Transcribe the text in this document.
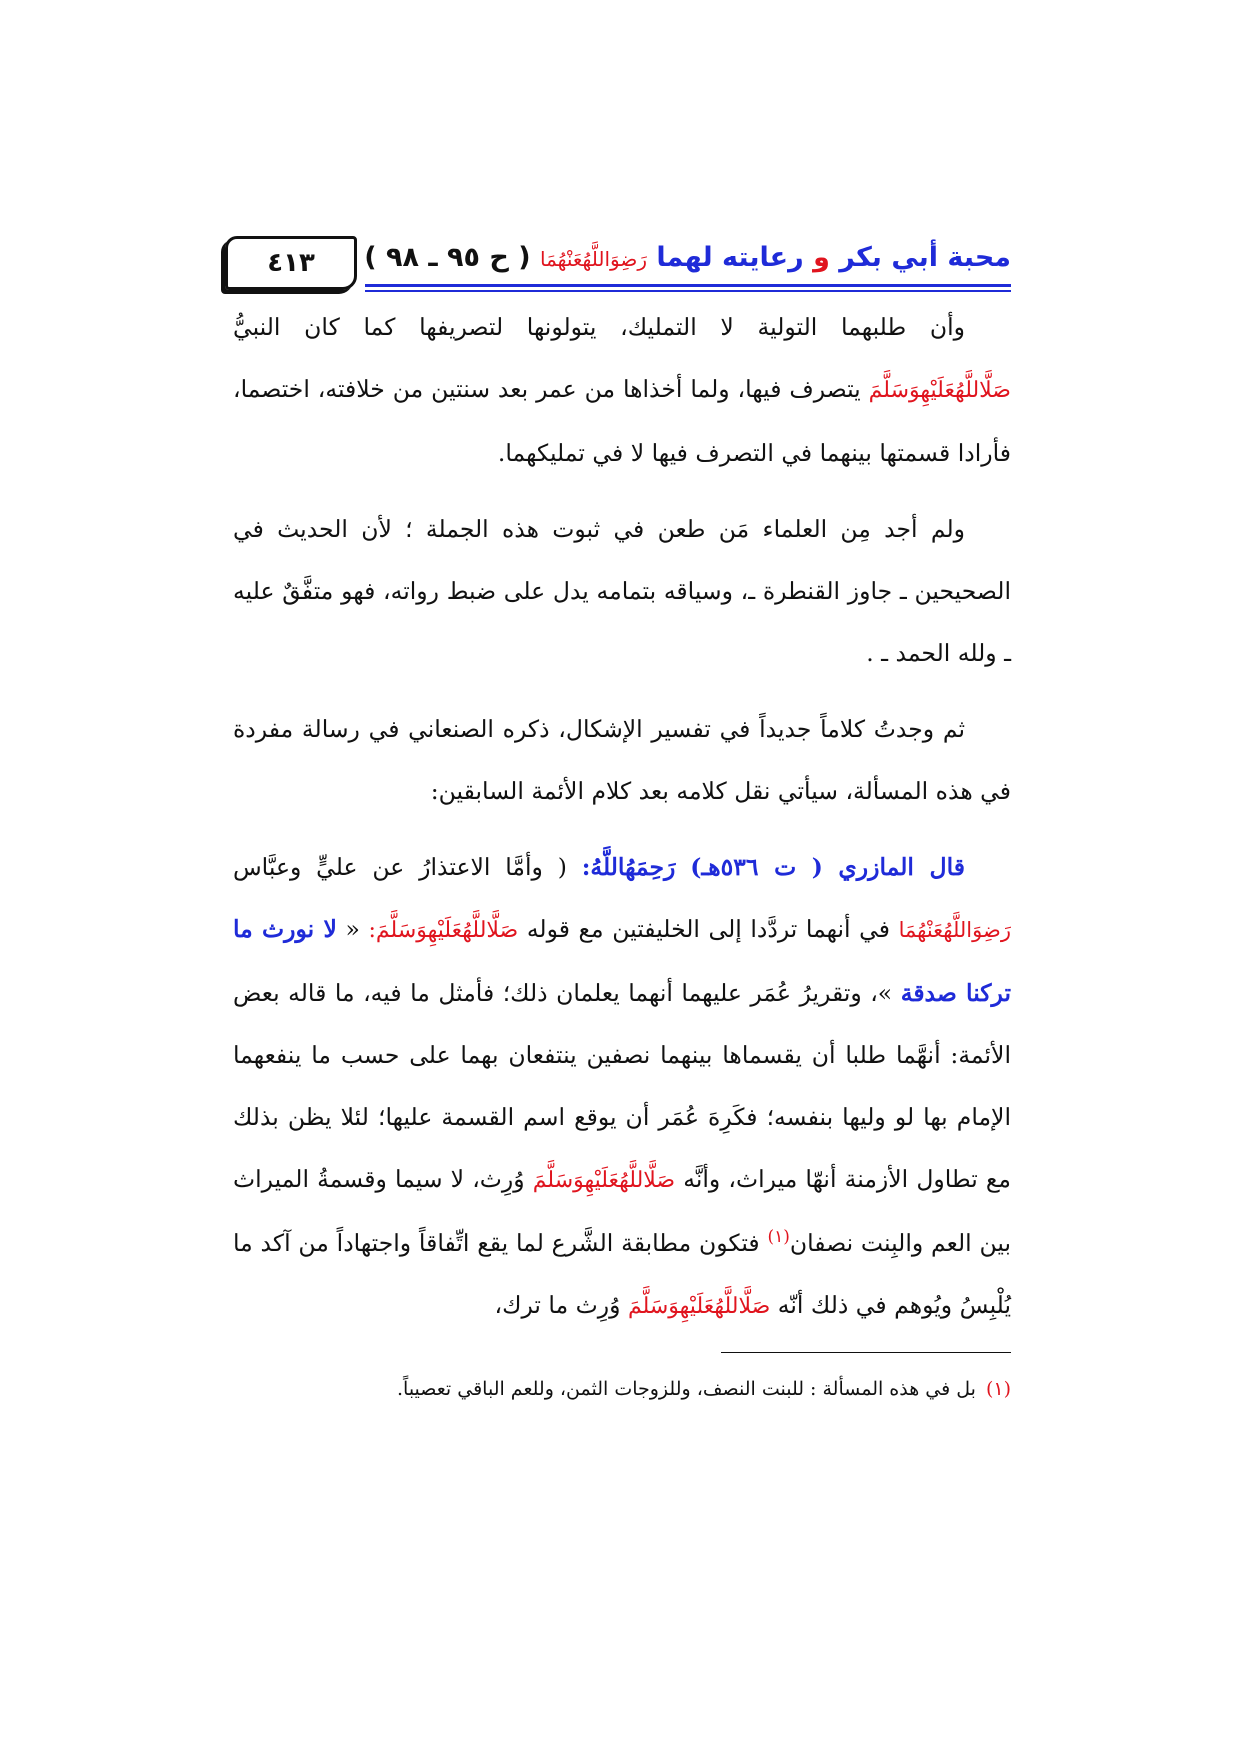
محبة أبي بكر و رعايته لهما رَضِوَاللَّهُعَنْهُمَا ( ح ٩٥ ـ ٩٨ )
٤١٣

وأن طلبهما التولية لا التمليك، يتولونها لتصريفها كما كان النبيُّ صَلَّاللَّهُعَلَيْهِوَسَلَّمَ يتصرف فيها، ولما أخذاها من عمر بعد سنتين من خلافته، اختصما، فأرادا قسمتها بينهما في التصرف فيها لا في تمليكهما.

ولم أجد مِن العلماء مَن طعن في ثبوت هذه الجملة ؛ لأن الحديث في الصحيحين ـ جاوز القنطرة ـ، وسياقه بتمامه يدل على ضبط رواته، فهو متفَّقٌ عليه ـ ولله الحمد ـ .

ثم وجدتُ كلاماً جديداً في تفسير الإشكال، ذكره الصنعاني في رسالة مفردة في هذه المسألة، سيأتي نقل كلامه بعد كلام الأئمة السابقين:

قال المازري ( ت ٥٣٦هـ) رَحِمَهُاللَّهُ: ( وأمَّا الاعتذارُ عن عليٍّ وعبَّاس رَضِوَاللَّهُعَنْهُمَا في أنهما تردَّدا إلى الخليفتين مع قوله صَلَّاللَّهُعَلَيْهِوَسَلَّمَ: « لا نورث ما تركنا صدقة »، وتقريرُ عُمَر عليهما أنهما يعلمان ذلك؛ فأمثل ما فيه، ما قاله بعض الأئمة: أنهَّما طلبا أن يقسماها بينهما نصفين ينتفعان بهما على حسب ما ينفعهما الإمام بها لو وليها بنفسه؛ فكَرِهَ عُمَر أن يوقع اسم القسمة عليها؛ لئلا يظن بذلك مع تطاول الأزمنة أنهّا ميراث، وأنَّه صَلَّاللَّهُعَلَيْهِوَسَلَّمَ وُرِث، لا سيما وقسمةُ الميراث بين العم والبِنت نصفان$^{(١)}$ فتكون مطابقة الشَّرع لما يقع اتِّفاقاً واجتهاداً من آكد ما يُلْبِسُ ويُوهم في ذلك أنّه صَلَّاللَّهُعَلَيْهِوَسَلَّمَ وُرِث ما ترك،

(١)بل في هذه المسألة : للبنت النصف، وللزوجات الثمن، وللعم الباقي تعصيباً.
